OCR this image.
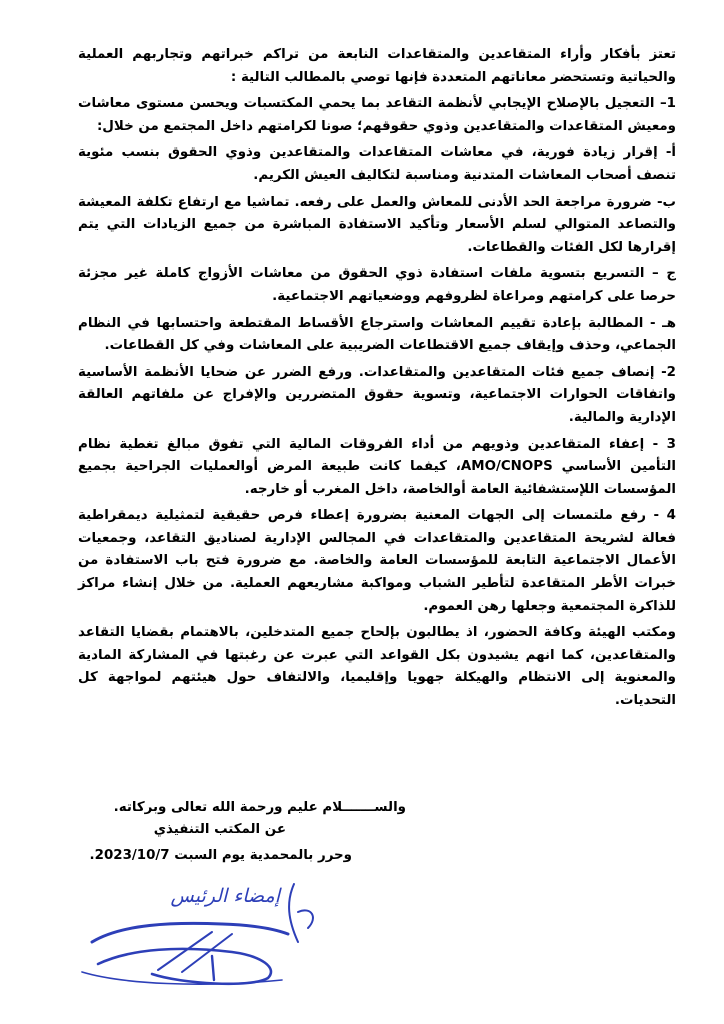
تعتز بأفكار وأراء المتقاعدين والمتقاعدات النابعة من تراكم خبراتهم وتجاربهم العملية والحياتية وتستحضر معاناتهم المتعددة فإنها توصي بالمطالب التالية :

1– التعجيل بالإصلاح الإيجابي لأنظمة التقاعد بما يحمي المكتسبات ويحسن مستوى معاشات ومعيش المتقاعدات والمتقاعدين وذوي حقوقهم؛ صونا لكرامتهم داخل المجتمع من خلال:

أ- إقرار زيادة فورية، في معاشات المتقاعدات والمتقاعدين وذوي الحقوق بنسب مئوية تنصف أصحاب المعاشات المتدنية ومناسبة لتكاليف العيش الكريم.

ب- ضرورة مراجعة الحد الأدنى للمعاش والعمل على رفعه. تماشيا مع ارتفاع تكلفة المعيشة والتصاعد المتوالي لسلم الأسعار وتأكيد الاستفادة المباشرة من جميع الزيادات التي يتم إقرارها لكل الفئات والقطاعات.

ج – التسريع بتسوية ملفات استفادة ذوي الحقوق من معاشات الأزواج كاملة غير مجزئة حرصا على كرامتهم ومراعاة لظروفهم ووضعياتهم الاجتماعية.

هـ - المطالبة بإعادة تقييم المعاشات واسترجاع الأقساط المقتطعة واحتسابها في النظام الجماعي، وحذف وإيقاف جميع الاقتطاعات الضريبية على المعاشات وفي كل القطاعات.

2- إنصاف جميع فئات المتقاعدين والمتقاعدات. ورفع الضرر عن ضحايا الأنظمة الأساسية واتفاقات الحوارات الاجتماعية، وتسوية حقوق المتضررين والإفراج عن ملفاتهم العالقة الإدارية والمالية.

3 - إعفاء المتقاعدين وذويهم من أداء الفروقات المالية التي تفوق مبالغ تغطية نظام التأمين الأساسي AMO/CNOPS، كيفما كانت طبيعة المرض أوالعمليات الجراحية بجميع المؤسسات اللإستشفائية العامة أوالخاصة، داخل المغرب أو خارجه.

4 - رفع ملتمسات إلى الجهات المعنية بضرورة إعطاء فرص حقيقية لتمثيلية ديمقراطية فعالة لشريحة المتقاعدين والمتقاعدات في المجالس الإدارية لصناديق التقاعد، وجمعيات الأعمال الاجتماعية التابعة للمؤسسات العامة والخاصة. مع ضرورة فتح باب الاستفادة من خبرات الأطر المتقاعدة لتأطير الشباب ومواكبة مشاريعهم العملية. من خلال إنشاء مراكز للذاكرة المجتمعية وجعلها رهن العموم.

ومكتب الهيئة وكافة الحضور، اذ يطالبون بإلحاح جميع المتدخلين، بالاهتمام بقضايا التقاعد والمتقاعدين، كما انهم يشيدون بكل القواعد التي عبرت عن رغبتها في المشاركة المادية والمعنوية إلى الانتظام والهيكلة جهويا وإقليميا، والالتفاف حول هيئتهم لمواجهة كل التحديات.

والســـــــلام عليم ورحمة الله تعالى وبركاته.
عن المكتب التنفيذي
وحرر بالمحمدية يوم السبت 2023/10/7.
إمضاء الرئيس
